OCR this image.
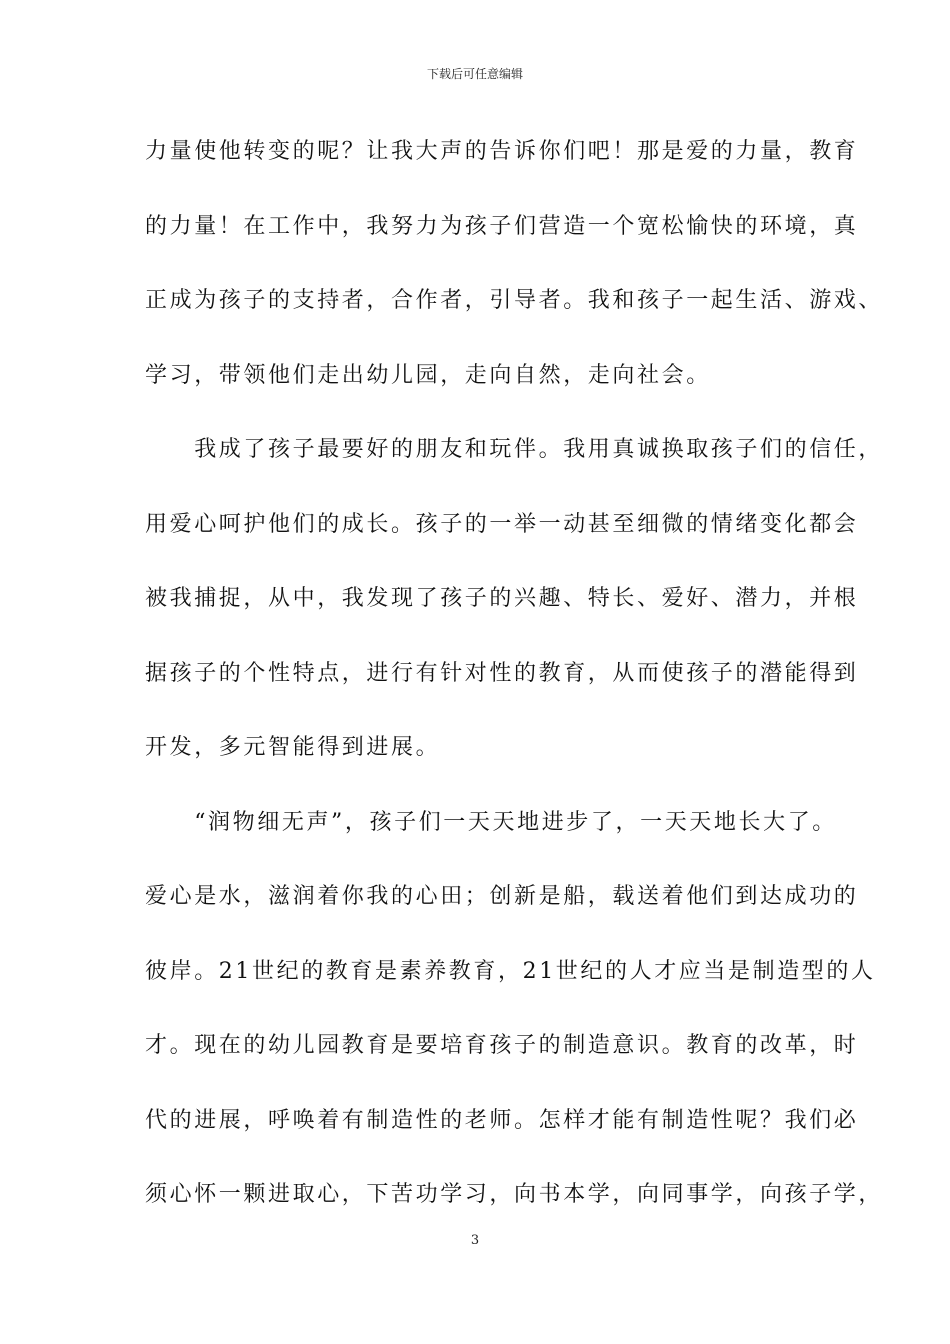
下载后可任意编辑
力量使他转变的呢？让我大声的告诉你们吧！那是爱的力量，教育
的力量！在工作中，我努力为孩子们营造一个宽松愉快的环境，真
正成为孩子的支持者，合作者，引导者。我和孩子一起生活、游戏、
学习，带领他们走出幼儿园，走向自然，走向社会。
　　我成了孩子最要好的朋友和玩伴。我用真诚换取孩子们的信任，
用爱心呵护他们的成长。孩子的一举一动甚至细微的情绪变化都会
被我捕捉，从中，我发现了孩子的兴趣、特长、爱好、潜力，并根
据孩子的个性特点，进行有针对性的教育，从而使孩子的潜能得到
开发，多元智能得到进展。
　　“润物细无声”，孩子们一天天地进步了，一天天地长大了。
爱心是水，滋润着你我的心田；创新是船，载送着他们到达成功的
彼岸。21世纪的教育是素养教育，21世纪的人才应当是制造型的人
才。现在的幼儿园教育是要培育孩子的制造意识。教育的改革，时
代的进展，呼唤着有制造性的老师。怎样才能有制造性呢？我们必
须心怀一颗进取心，下苦功学习，向书本学，向同事学，向孩子学，
3
